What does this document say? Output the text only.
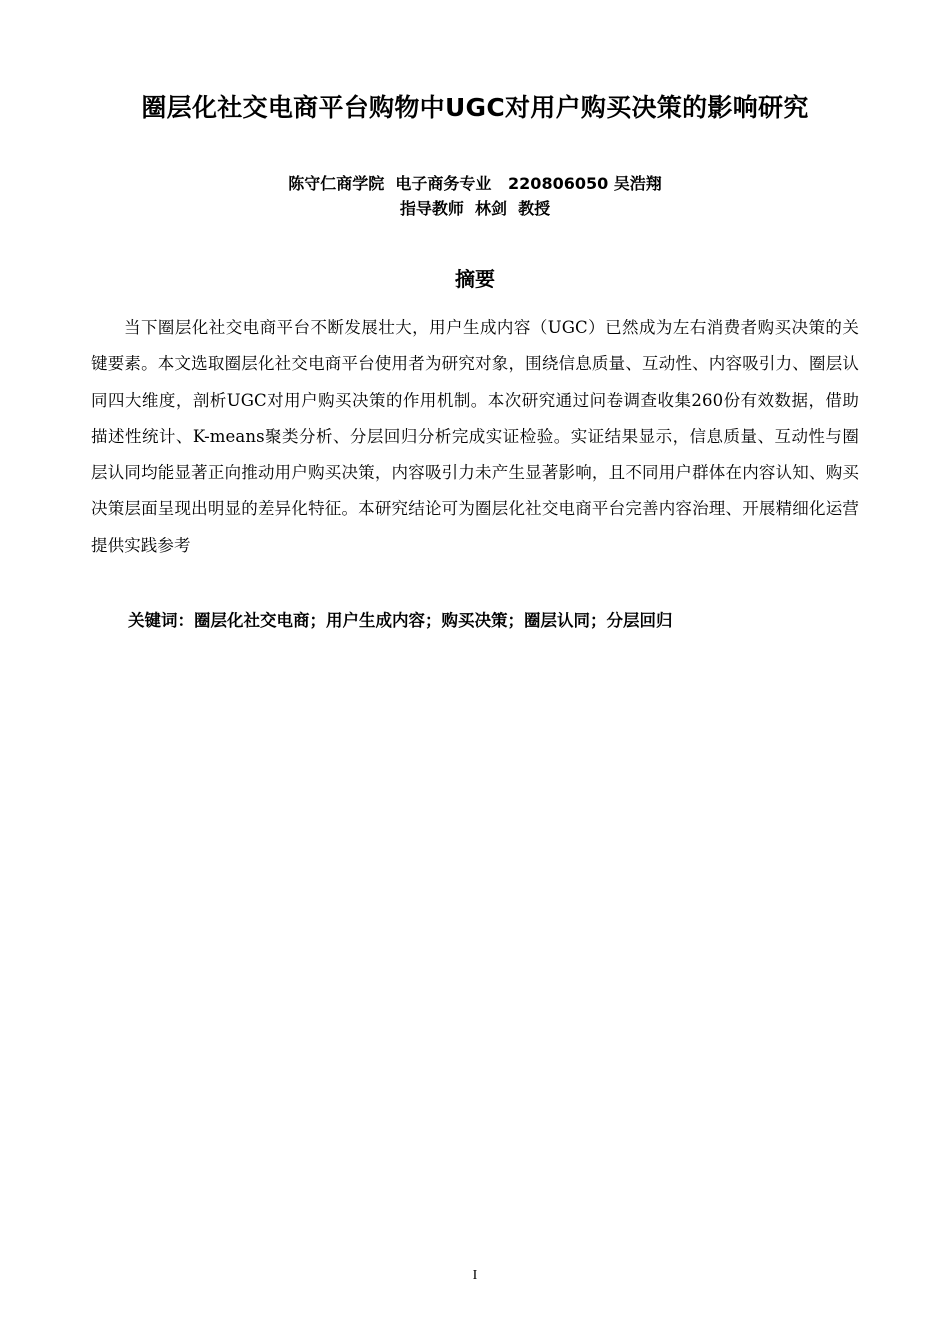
圈层化社交电商平台购物中UGC对用户购买决策的影响研究
陈守仁商学院  电子商务专业   220806050 吴浩翔
指导教师  林剑  教授
摘要

当下圈层化社交电商平台不断发展壮大，用户生成内容（UGC）已然成为左右消费者购买决策的关键要素。本文选取圈层化社交电商平台使用者为研究对象，围绕信息质量、互动性、内容吸引力、圈层认同四大维度，剖析UGC对用户购买决策的作用机制。本次研究通过问卷调查收集260份有效数据，借助描述性统计、K-means聚类分析、分层回归分析完成实证检验。实证结果显示，信息质量、互动性与圈层认同均能显著正向推动用户购买决策，内容吸引力未产生显著影响，且不同用户群体在内容认知、购买决策层面呈现出明显的差异化特征。本研究结论可为圈层化社交电商平台完善内容治理、开展精细化运营提供实践参考

关键词：圈层化社交电商；用户生成内容；购买决策；圈层认同；分层回归
I
